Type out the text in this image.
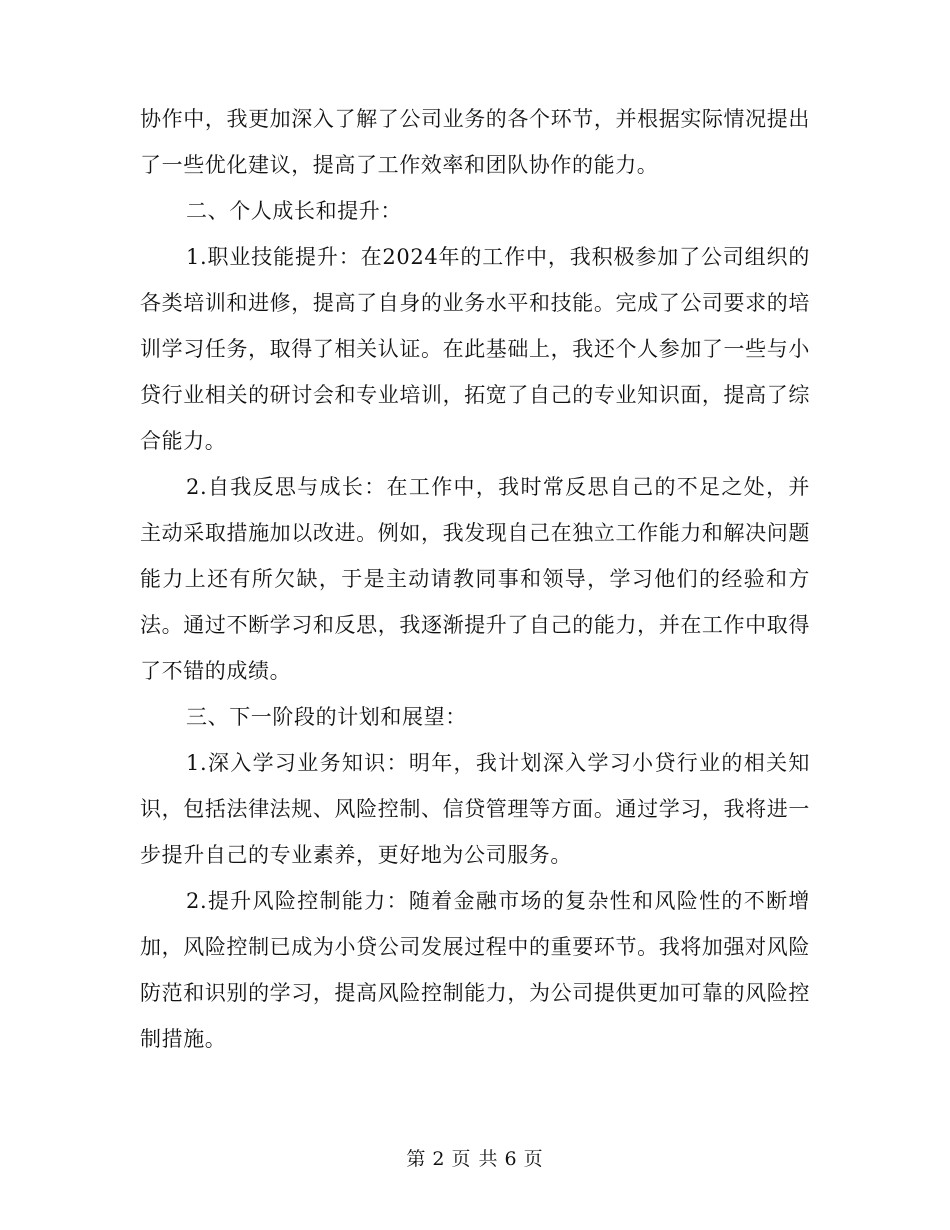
协作中，我更加深入了解了公司业务的各个环节，并根据实际情况提出了一些优化建议，提高了工作效率和团队协作的能力。

二、个人成长和提升：

1.职业技能提升：在2024年的工作中，我积极参加了公司组织的各类培训和进修，提高了自身的业务水平和技能。完成了公司要求的培训学习任务，取得了相关认证。在此基础上，我还个人参加了一些与小贷行业相关的研讨会和专业培训，拓宽了自己的专业知识面，提高了综合能力。

2.自我反思与成长：在工作中，我时常反思自己的不足之处，并主动采取措施加以改进。例如，我发现自己在独立工作能力和解决问题能力上还有所欠缺，于是主动请教同事和领导，学习他们的经验和方法。通过不断学习和反思，我逐渐提升了自己的能力，并在工作中取得了不错的成绩。

三、下一阶段的计划和展望：

1.深入学习业务知识：明年，我计划深入学习小贷行业的相关知识，包括法律法规、风险控制、信贷管理等方面。通过学习，我将进一步提升自己的专业素养，更好地为公司服务。

2.提升风险控制能力：随着金融市场的复杂性和风险性的不断增加，风险控制已成为小贷公司发展过程中的重要环节。我将加强对风险防范和识别的学习，提高风险控制能力，为公司提供更加可靠的风险控制措施。

第 2 页 共 6 页
